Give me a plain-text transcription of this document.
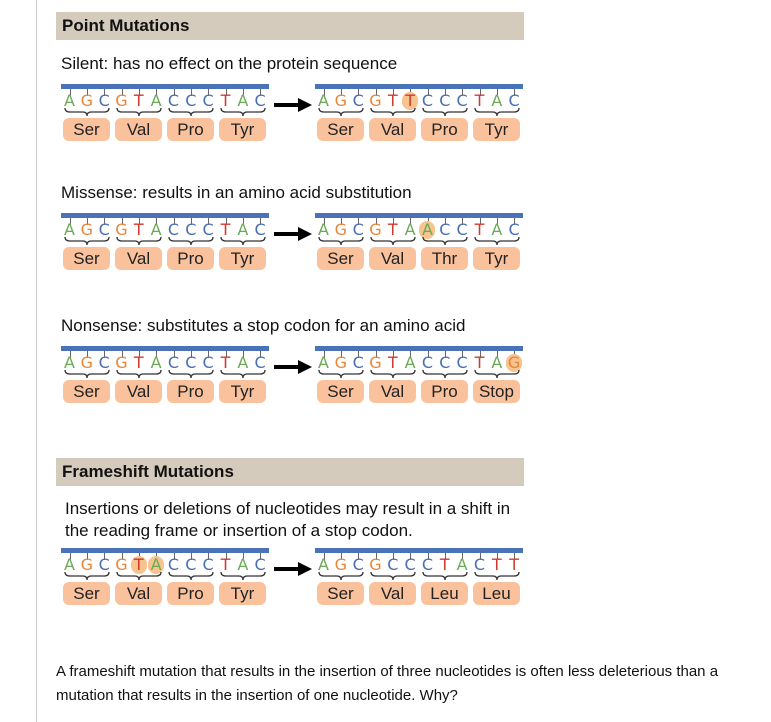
Point Mutations
Silent: has no effect on the protein sequence
A G C G T A C C C T A C
Ser	Val	Pro	Tyr
A G C G T T C C C T A C
Ser	Val	Pro	Tyr
Missense: results in an amino acid substitution
A G C G T A C C C T A C
Ser	Val	Pro	Tyr
A G C G T A A C C T A C
Ser	Val	Thr	Tyr
Nonsense: substitutes a stop codon for an amino acid
A G C G T A C C C T A C
Ser	Val	Pro	Tyr
A G C G T A C C C T A G
Ser	Val	Pro	Stop
Frameshift Mutations
Insertions or deletions of nucleotides may result in a shift in the reading frame or insertion of a stop codon.
A G C G T A C C C T A C
Ser	Val	Pro	Tyr
A G C G C C C T A C T T
Ser	Val	Leu	Leu
A frameshift mutation that results in the insertion of three nucleotides is often less deleterious than a mutation that results in the insertion of one nucleotide. Why?
